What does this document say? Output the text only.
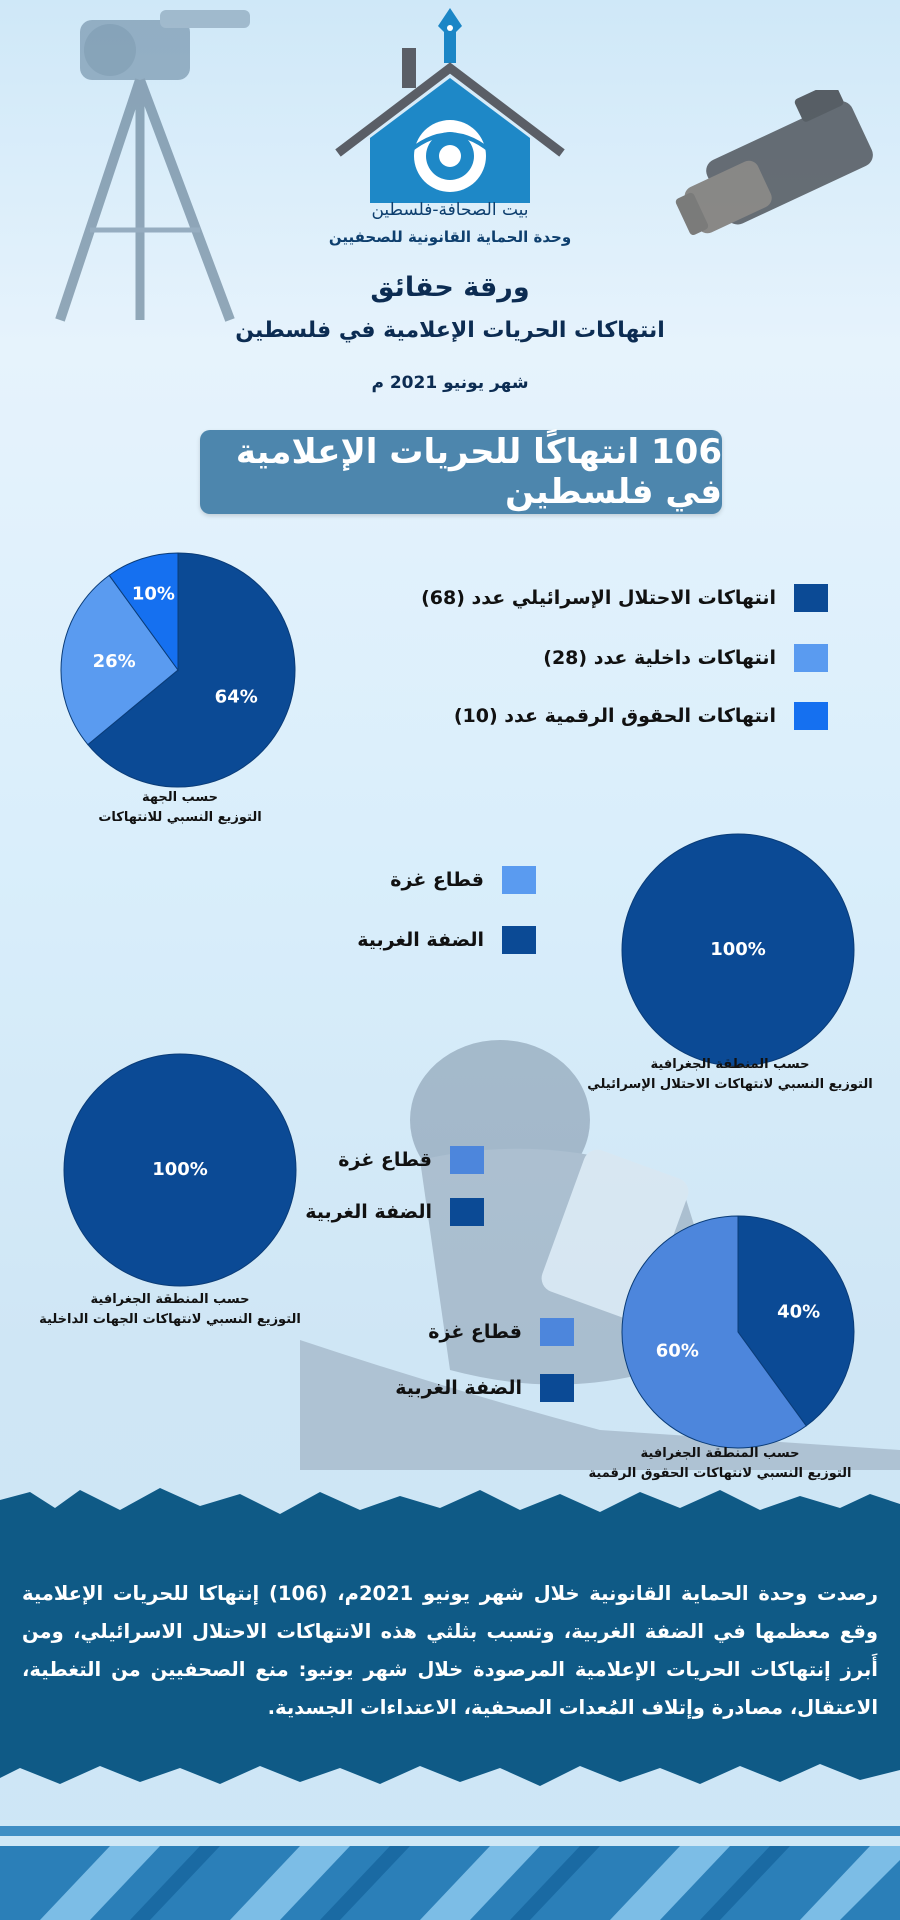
بيت الصحافة-فلسطين
وحدة الحماية القانونية للصحفيين
ورقة حقائق
انتهاكات الحريات الإعلامية في فلسطين
شهر يونيو 2021 م
106 انتهاكًا للحريات الإعلامية في فلسطين
64%
26%
10%
حسب الجهة
التوزيع النسبي للانتهاكات
انتهاكات الاحتلال الإسرائيلي عدد (68)
انتهاكات داخلية عدد (28)
انتهاكات الحقوق الرقمية عدد (10)
100%
حسب المنطقة الجغرافية
التوزيع النسبي لانتهاكات الاحتلال الإسرائيلي
قطاع غزة
الضفة الغربية
100%
حسب المنطقة الجغرافية
التوزيع النسبي لانتهاكات الجهات الداخلية
قطاع غزة
الضفة الغربية
40%
60%
حسب المنطقة الجغرافية
التوزيع النسبي لانتهاكات الحقوق الرقمية
قطاع غزة
الضفة الغربية
رصدت وحدة الحماية القانونية خلال شهر يونيو 2021م، (106) إنتهاكا للحريات الإعلامية وقع معظمها في الضفة الغربية، وتسبب بثلثي هذه الانتهاكات الاحتلال الاسرائيلي، ومن أَبرز إنتهاكات الحريات الإعلامية المرصودة خلال شهر يونيو: منع الصحفيين من التغطية، الاعتقال، مصادرة وإتلاف المُعدات الصحفية، الاعتداءات الجسدية.
